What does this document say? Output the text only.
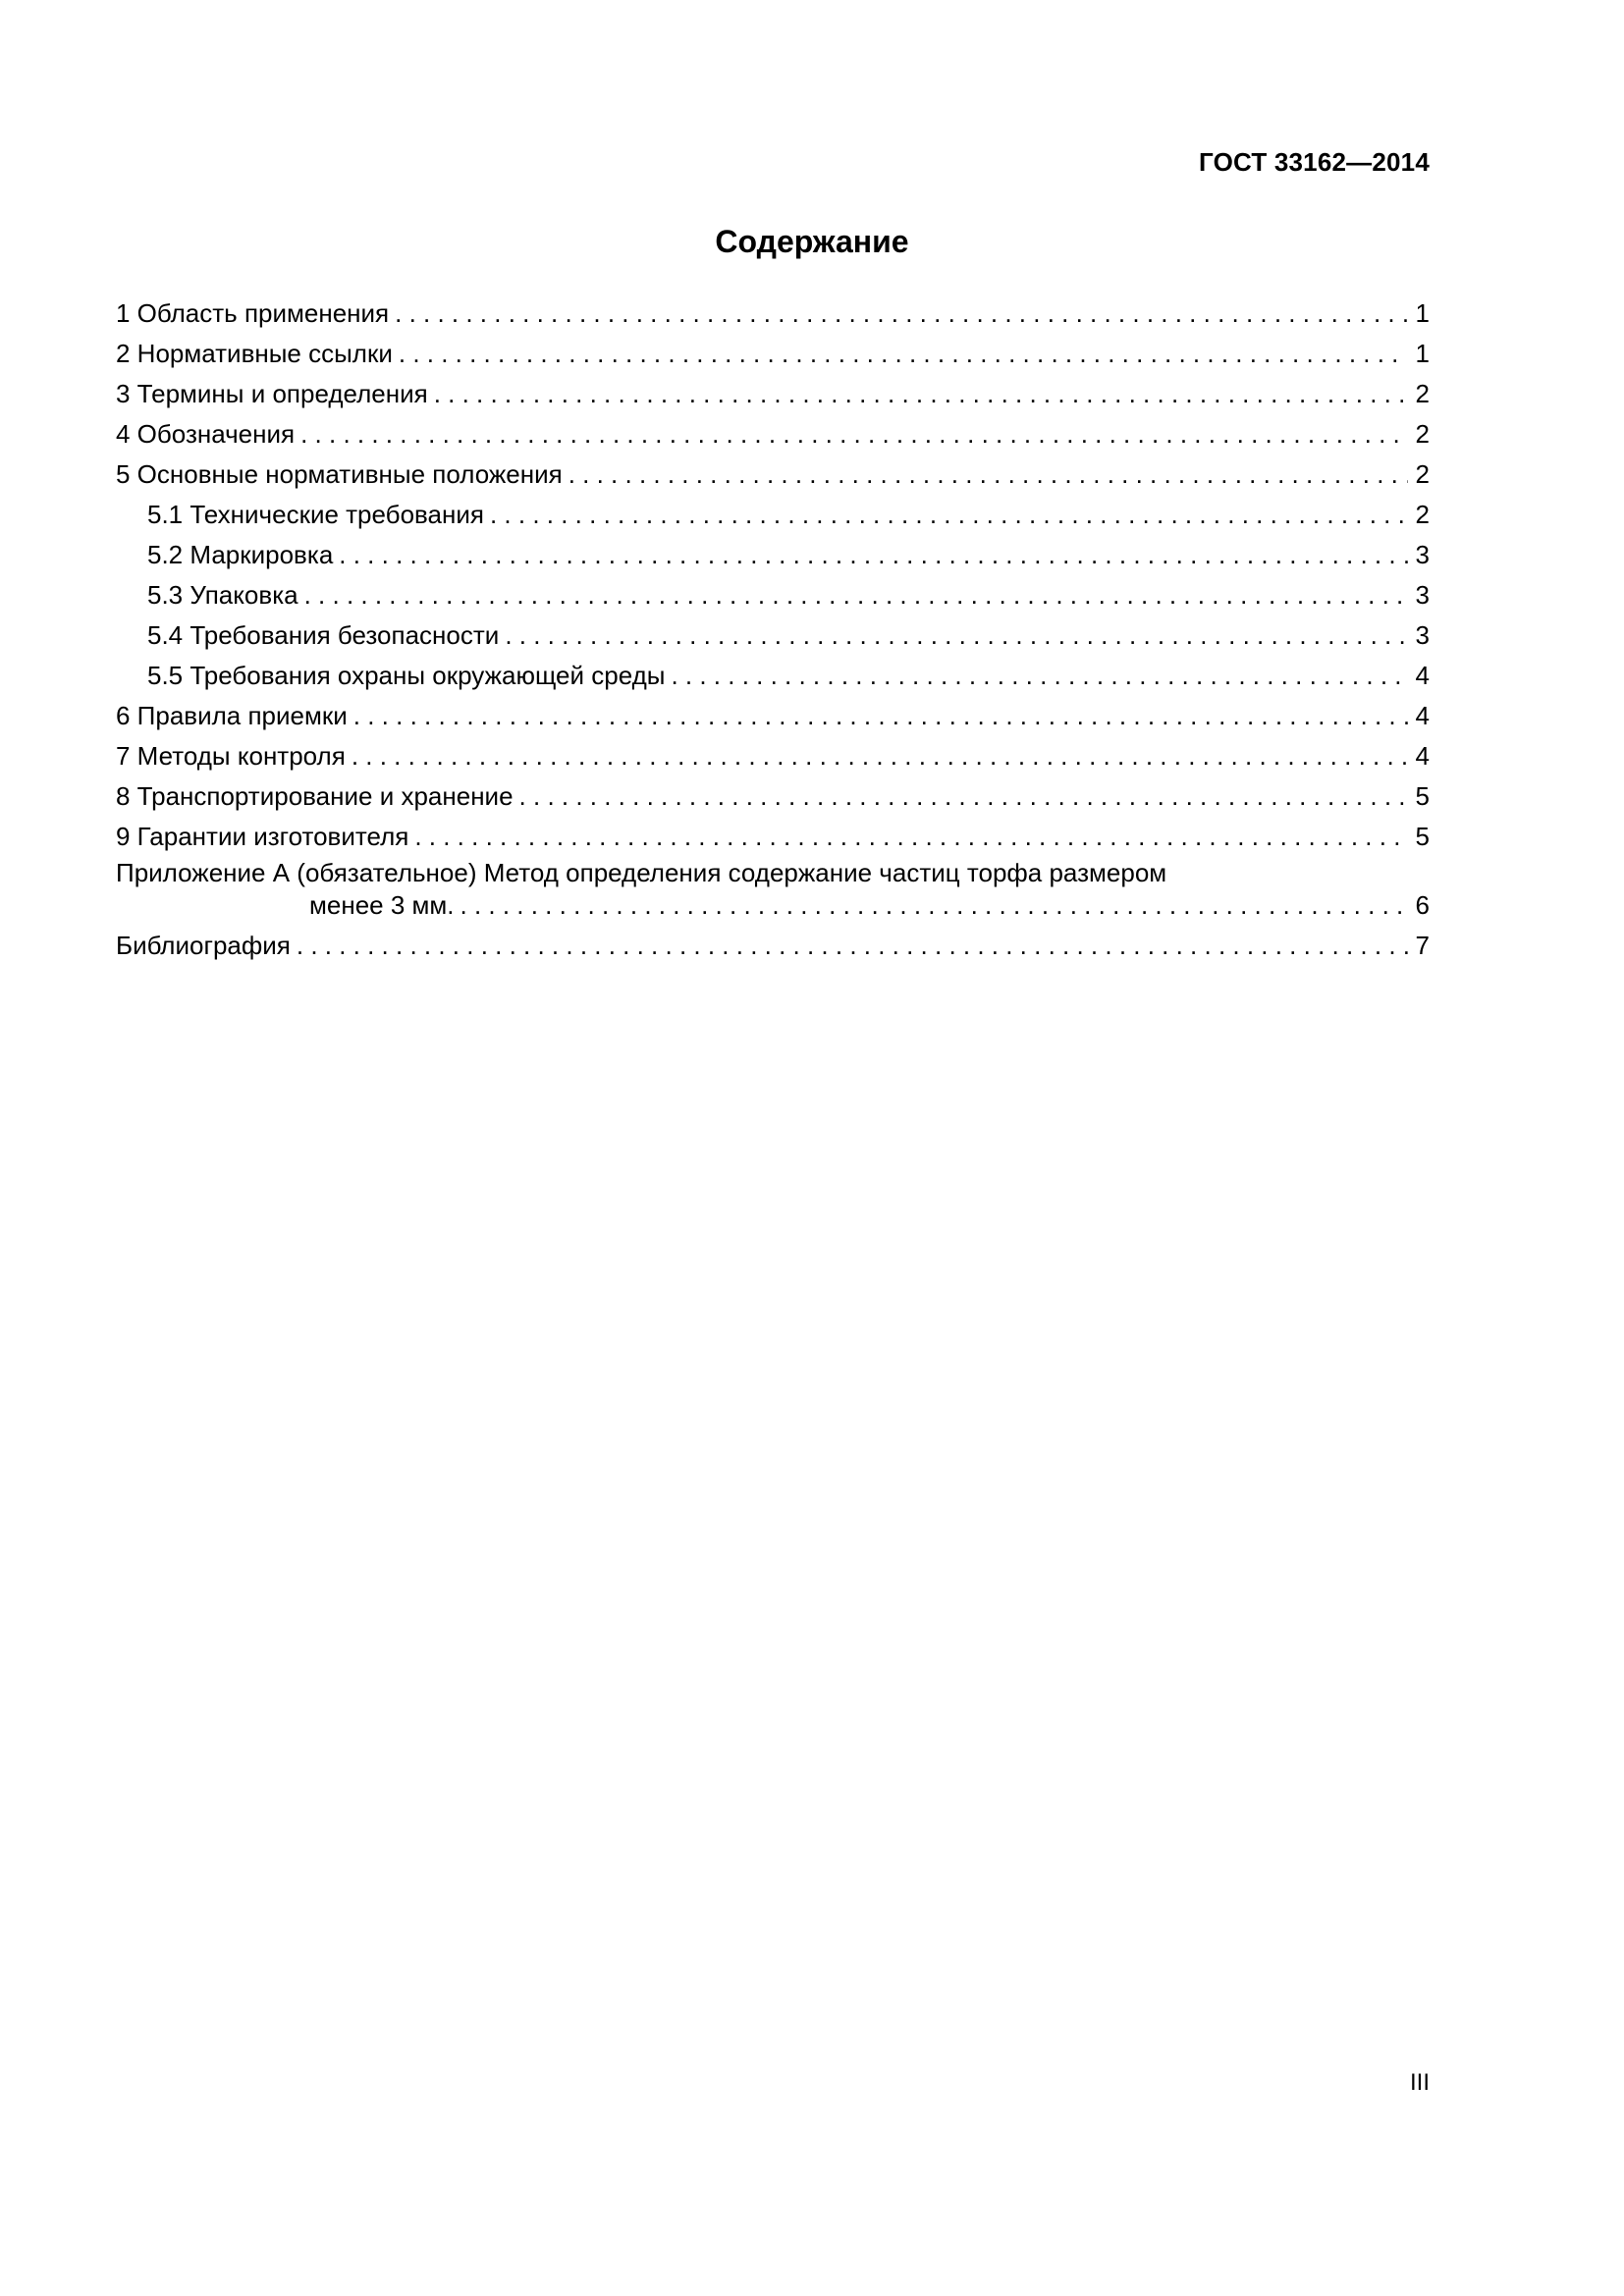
ГОСТ 33162—2014
Содержание
1 Область применения . . .	1
2 Нормативные ссылки . . .	1
3 Термины и определения . . .	2
4 Обозначения . . .	2
5 Основные нормативные положения . . .	2
5.1 Технические требования . . .	2
5.2 Маркировка . . .	3
5.3 Упаковка . . .	3
5.4 Требования безопасности . . .	3
5.5 Требования охраны окружающей среды . . .	4
6 Правила приемки . . .	4
7 Методы контроля . . .	4
8 Транспортирование и хранение . . .	5
9 Гарантии изготовителя . . .	5
Приложение А (обязательное) Метод определения содержание частиц торфа размером
менее 3 мм. . . .	6
Библиография . . .	7
III
